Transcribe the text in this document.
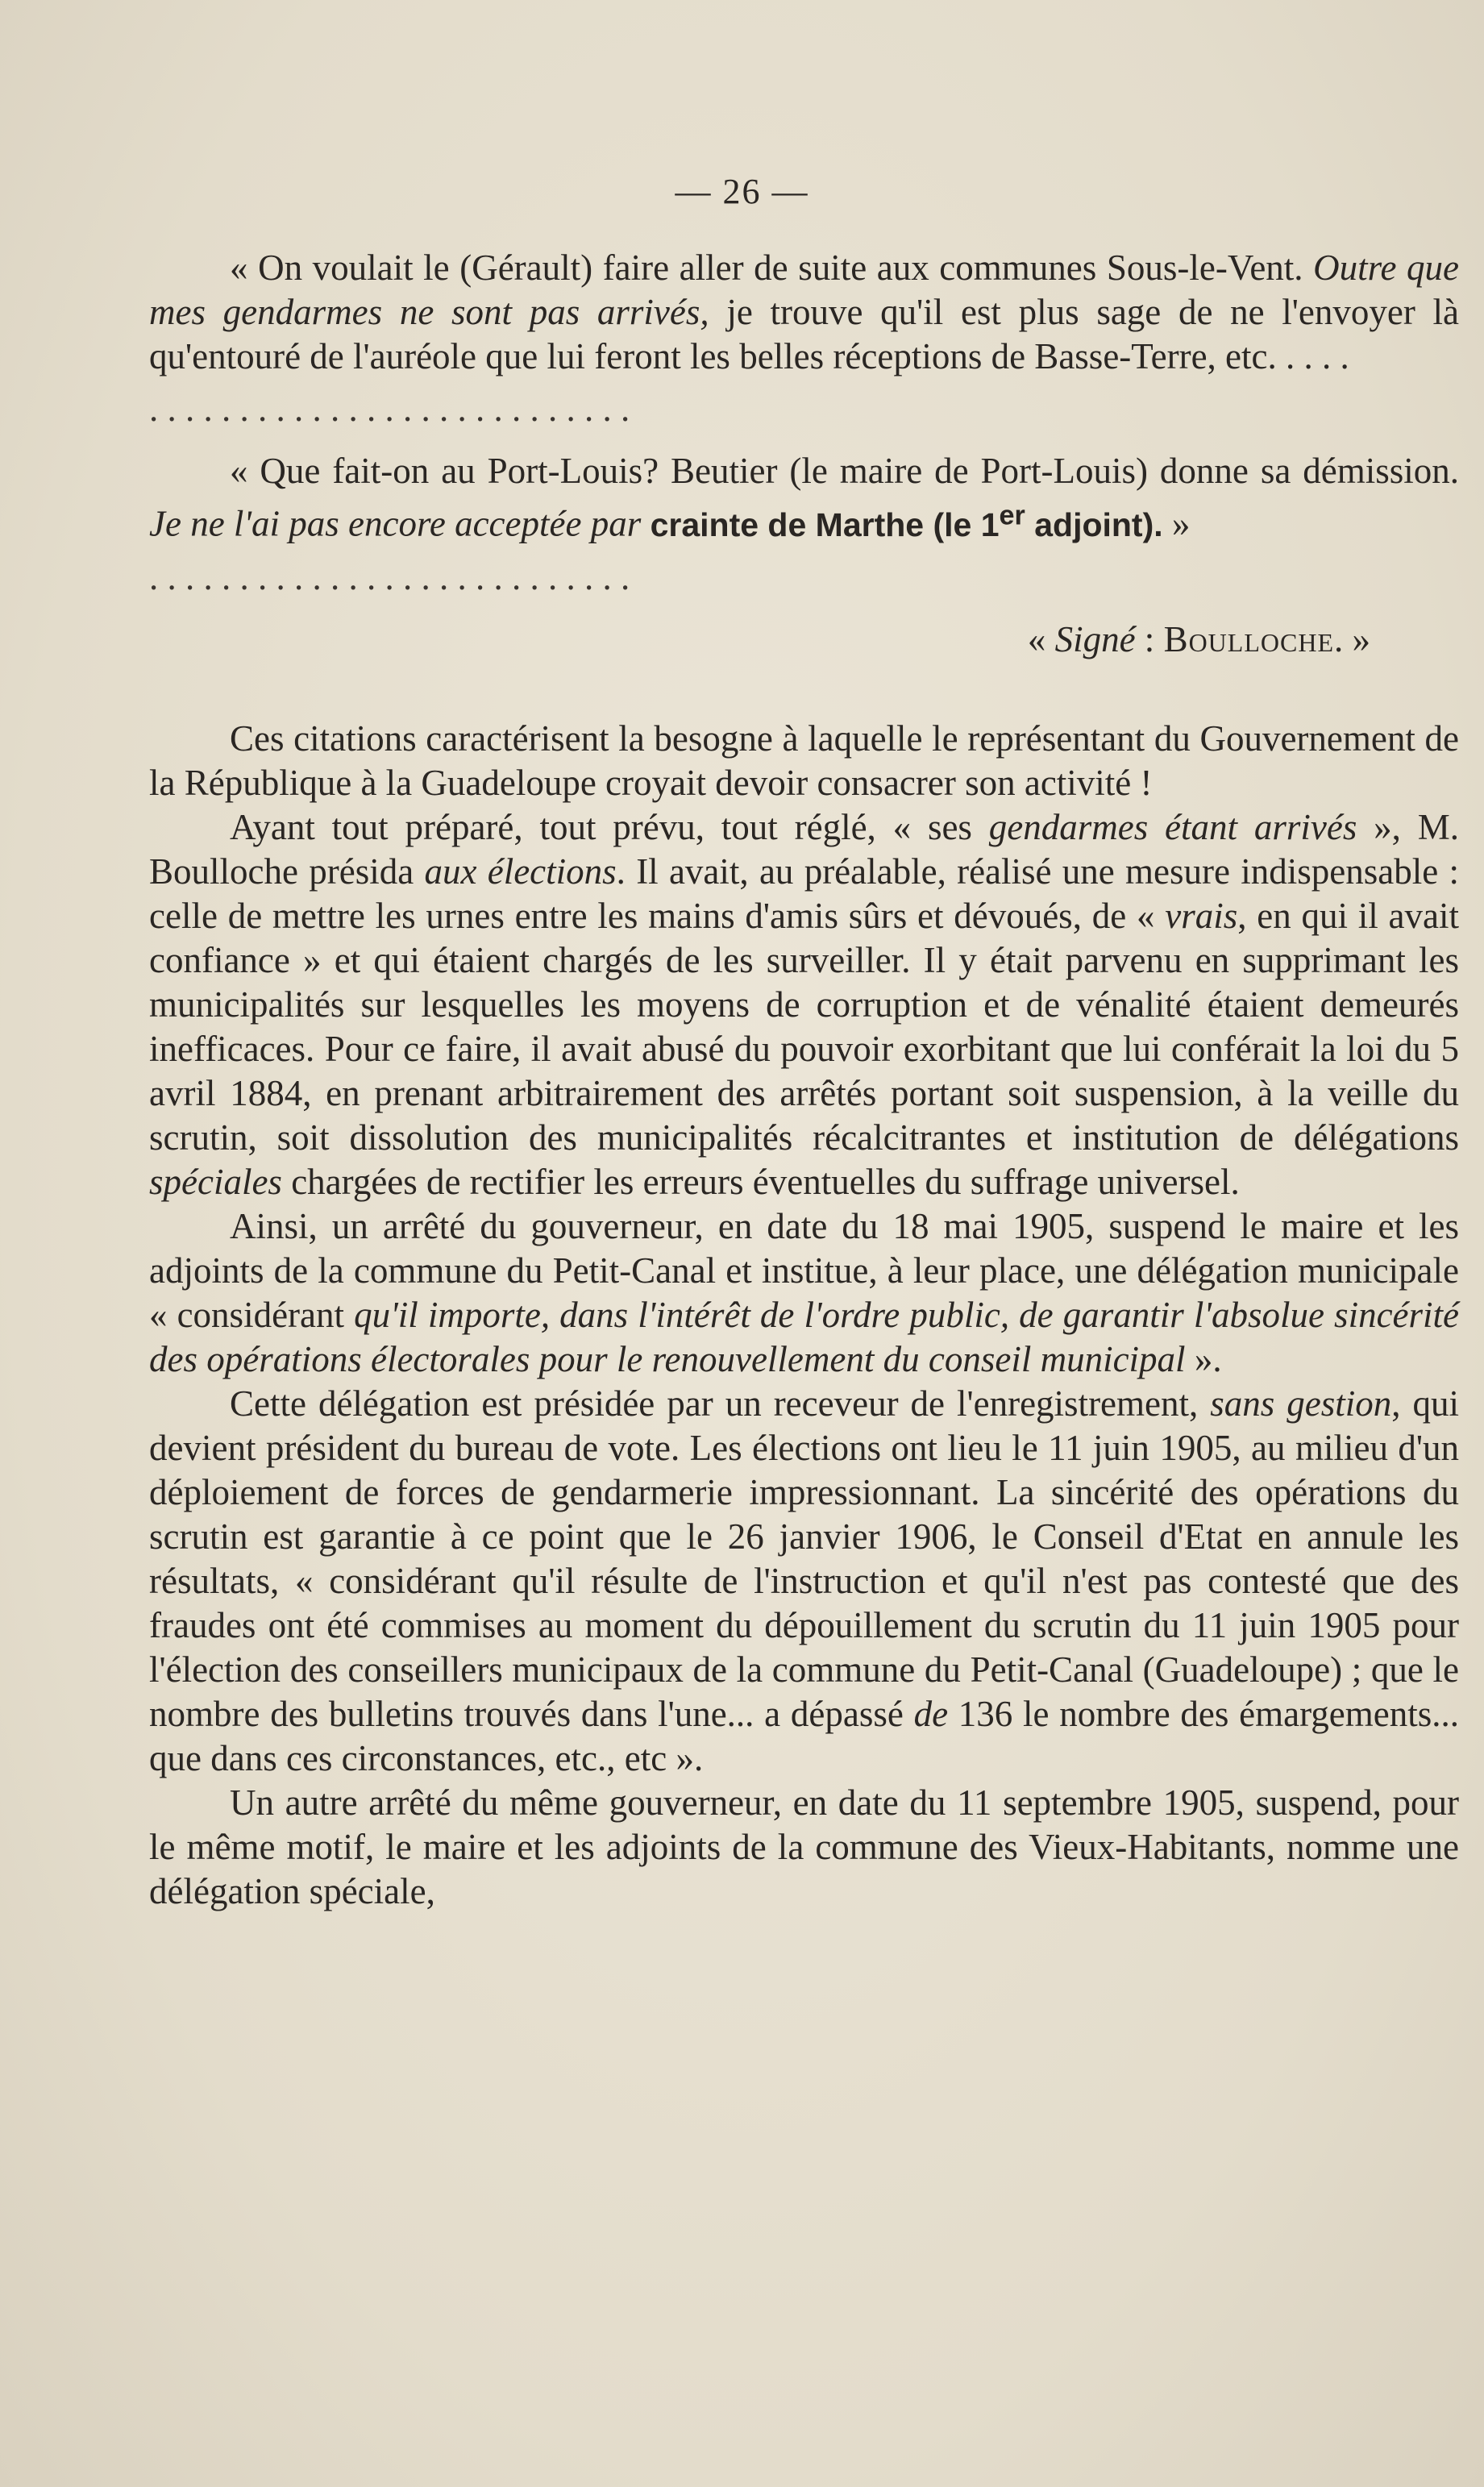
— 26 —

« On voulait le (Gérault) faire aller de suite aux communes Sous-le-Vent. Outre que mes gendarmes ne sont pas arrivés, je trouve qu'il est plus sage de ne l'envoyer là qu'entouré de l'auréole que lui feront les belles réceptions de Basse-Terre, etc. . . . .

. . . . . . . . . . . . . . . . . . . . . . . . . . .

« Que fait-on au Port-Louis? Beutier (le maire de Port-Louis) donne sa démission. Je ne l'ai pas encore acceptée par crainte de Marthe (le 1er adjoint). »

. . . . . . . . . . . . . . . . . . . . . . . . . . .

« Signé : Boulloche. »

Ces citations caractérisent la besogne à laquelle le représentant du Gouvernement de la République à la Guadeloupe croyait devoir consacrer son activité !

Ayant tout préparé, tout prévu, tout réglé, « ses gendarmes étant arrivés », M. Boulloche présida aux élections. Il avait, au préalable, réalisé une mesure indispensable : celle de mettre les urnes entre les mains d'amis sûrs et dévoués, de « vrais, en qui il avait confiance » et qui étaient chargés de les surveiller. Il y était parvenu en supprimant les municipalités sur lesquelles les moyens de corruption et de vénalité étaient demeurés inefficaces. Pour ce faire, il avait abusé du pouvoir exorbitant que lui conférait la loi du 5 avril 1884, en prenant arbitrairement des arrêtés portant soit suspension, à la veille du scrutin, soit dissolution des municipalités récalcitrantes et institution de délégations spéciales chargées de rectifier les erreurs éventuelles du suffrage universel.

Ainsi, un arrêté du gouverneur, en date du 18 mai 1905, suspend le maire et les adjoints de la commune du Petit-Canal et institue, à leur place, une délégation municipale « considérant qu'il importe, dans l'intérêt de l'ordre public, de garantir l'absolue sincérité des opérations électorales pour le renouvellement du conseil municipal ».

Cette délégation est présidée par un receveur de l'enregistrement, sans gestion, qui devient président du bureau de vote. Les élections ont lieu le 11 juin 1905, au milieu d'un déploiement de forces de gendarmerie impressionnant. La sincérité des opérations du scrutin est garantie à ce point que le 26 janvier 1906, le Conseil d'Etat en annule les résultats, « considérant qu'il résulte de l'instruction et qu'il n'est pas contesté que des fraudes ont été commises au moment du dépouillement du scrutin du 11 juin 1905 pour l'élection des conseillers municipaux de la commune du Petit-Canal (Guadeloupe) ; que le nombre des bulletins trouvés dans l'une... a dépassé de 136 le nombre des émargements... que dans ces circonstances, etc., etc ».

Un autre arrêté du même gouverneur, en date du 11 septembre 1905, suspend, pour le même motif, le maire et les adjoints de la commune des Vieux-Habitants, nomme une délégation spéciale,
